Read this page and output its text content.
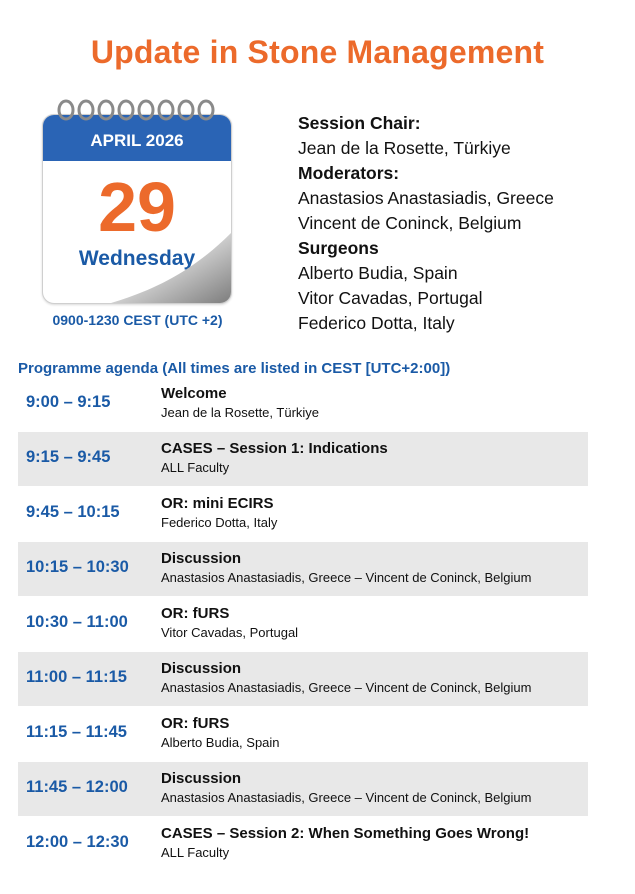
Update in Stone Management
APRIL 2026
29
Wednesday
0900-1230 CEST (UTC +2)
Session Chair:
Jean de la Rosette, Türkiye
Moderators:
Anastasios Anastasiadis, Greece
Vincent de Coninck, Belgium
Surgeons
Alberto Budia, Spain
Vitor Cavadas, Portugal
Federico Dotta, Italy
Programme agenda (All times are listed in CEST [UTC+2:00])
9:00 – 9:15	Welcome
Jean de la Rosette, Türkiye
9:15 – 9:45	CASES – Session 1: Indications
ALL Faculty
9:45 – 10:15	OR: mini ECIRS
Federico Dotta, Italy
10:15 – 10:30 Discussion
Anastasios Anastasiadis, Greece – Vincent de Coninck, Belgium
10:30 – 11:00 OR: fURS
Vitor Cavadas, Portugal
11:00 – 11:15 Discussion
Anastasios Anastasiadis, Greece – Vincent de Coninck, Belgium
11:15 – 11:45 OR: fURS
Alberto Budia, Spain
11:45 – 12:00 Discussion
Anastasios Anastasiadis, Greece – Vincent de Coninck, Belgium
12:00 – 12:30 CASES – Session 2: When Something Goes Wrong!
ALL Faculty
